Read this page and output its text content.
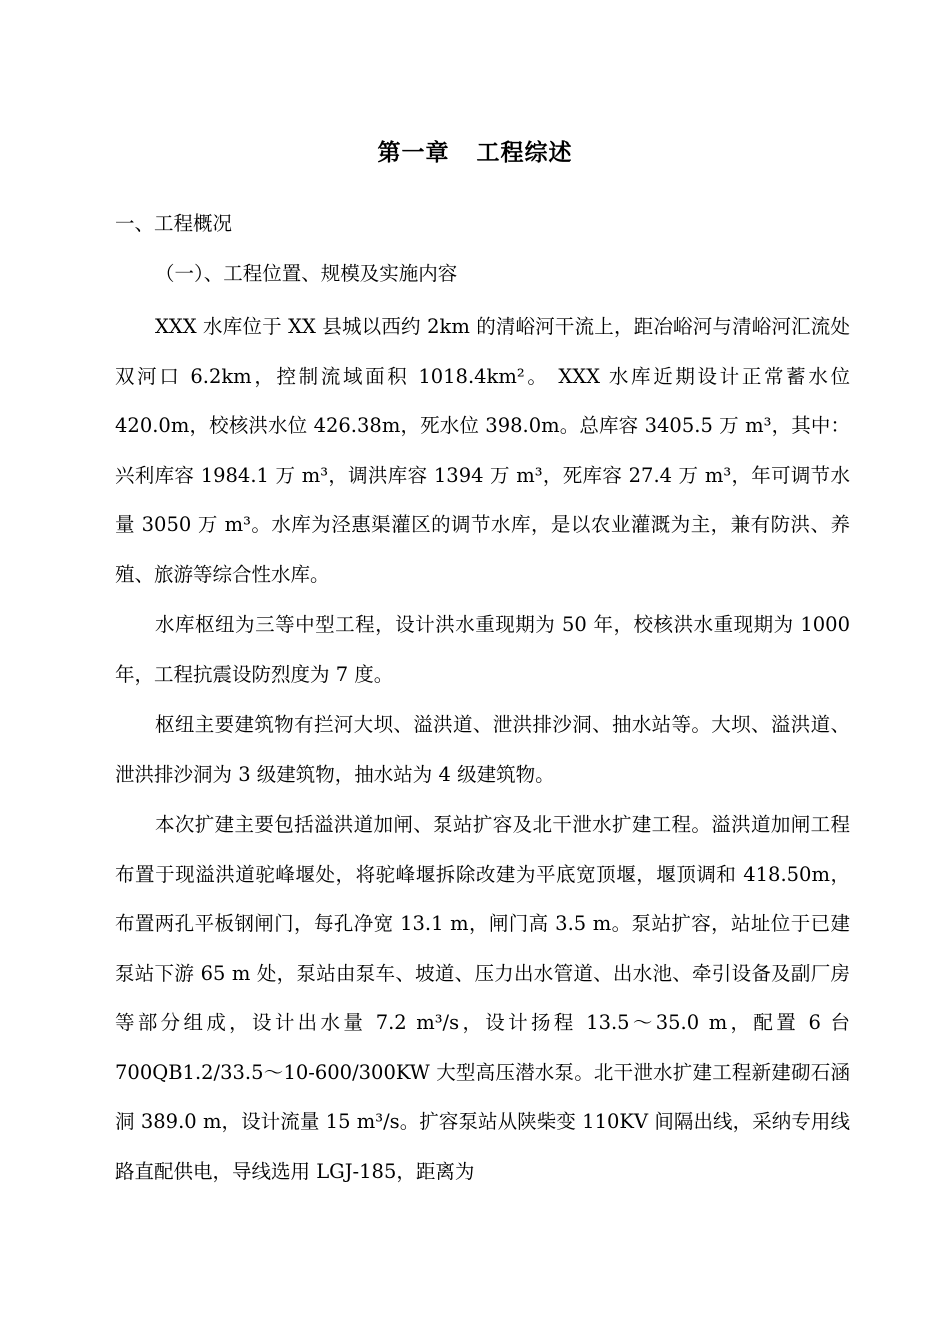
第一章   工程综述
一、工程概况
（一）、工程位置、规模及实施内容
XXX 水库位于 XX 县城以西约 2km 的清峪河干流上，距冶峪河与清峪河汇流处双河口 6.2km，控制流域面积 1018.4km²。 XXX 水库近期设计正常蓄水位 420.0m，校核洪水位 426.38m，死水位 398.0m。总库容 3405.5 万 m³，其中：兴利库容 1984.1 万 m³，调洪库容 1394 万 m³，死库容 27.4 万 m³，年可调节水量 3050 万 m³。水库为泾惠渠灌区的调节水库，是以农业灌溉为主，兼有防洪、养殖、旅游等综合性水库。
水库枢纽为三等中型工程，设计洪水重现期为 50 年，校核洪水重现期为 1000 年，工程抗震设防烈度为 7 度。
枢纽主要建筑物有拦河大坝、溢洪道、泄洪排沙洞、抽水站等。大坝、溢洪道、泄洪排沙洞为 3 级建筑物，抽水站为 4 级建筑物。
本次扩建主要包括溢洪道加闸、泵站扩容及北干泄水扩建工程。溢洪道加闸工程布置于现溢洪道驼峰堰处，将驼峰堰拆除改建为平底宽顶堰，堰顶调和 418.50m，布置两孔平板钢闸门，每孔净宽 13.1 m，闸门高 3.5 m。泵站扩容，站址位于已建泵站下游 65 m 处，泵站由泵车、坡道、压力出水管道、出水池、牵引设备及副厂房等部分组成，设计出水量 7.2 m³/s，设计扬程 13.5～35.0 m，配置 6 台 700QB1.2/33.5～10-600/300KW 大型高压潜水泵。北干泄水扩建工程新建砌石涵洞 389.0 m，设计流量 15 m³/s。扩容泵站从陕柴变 110KV 间隔出线，采纳专用线路直配供电，导线选用 LGJ-185，距离为
